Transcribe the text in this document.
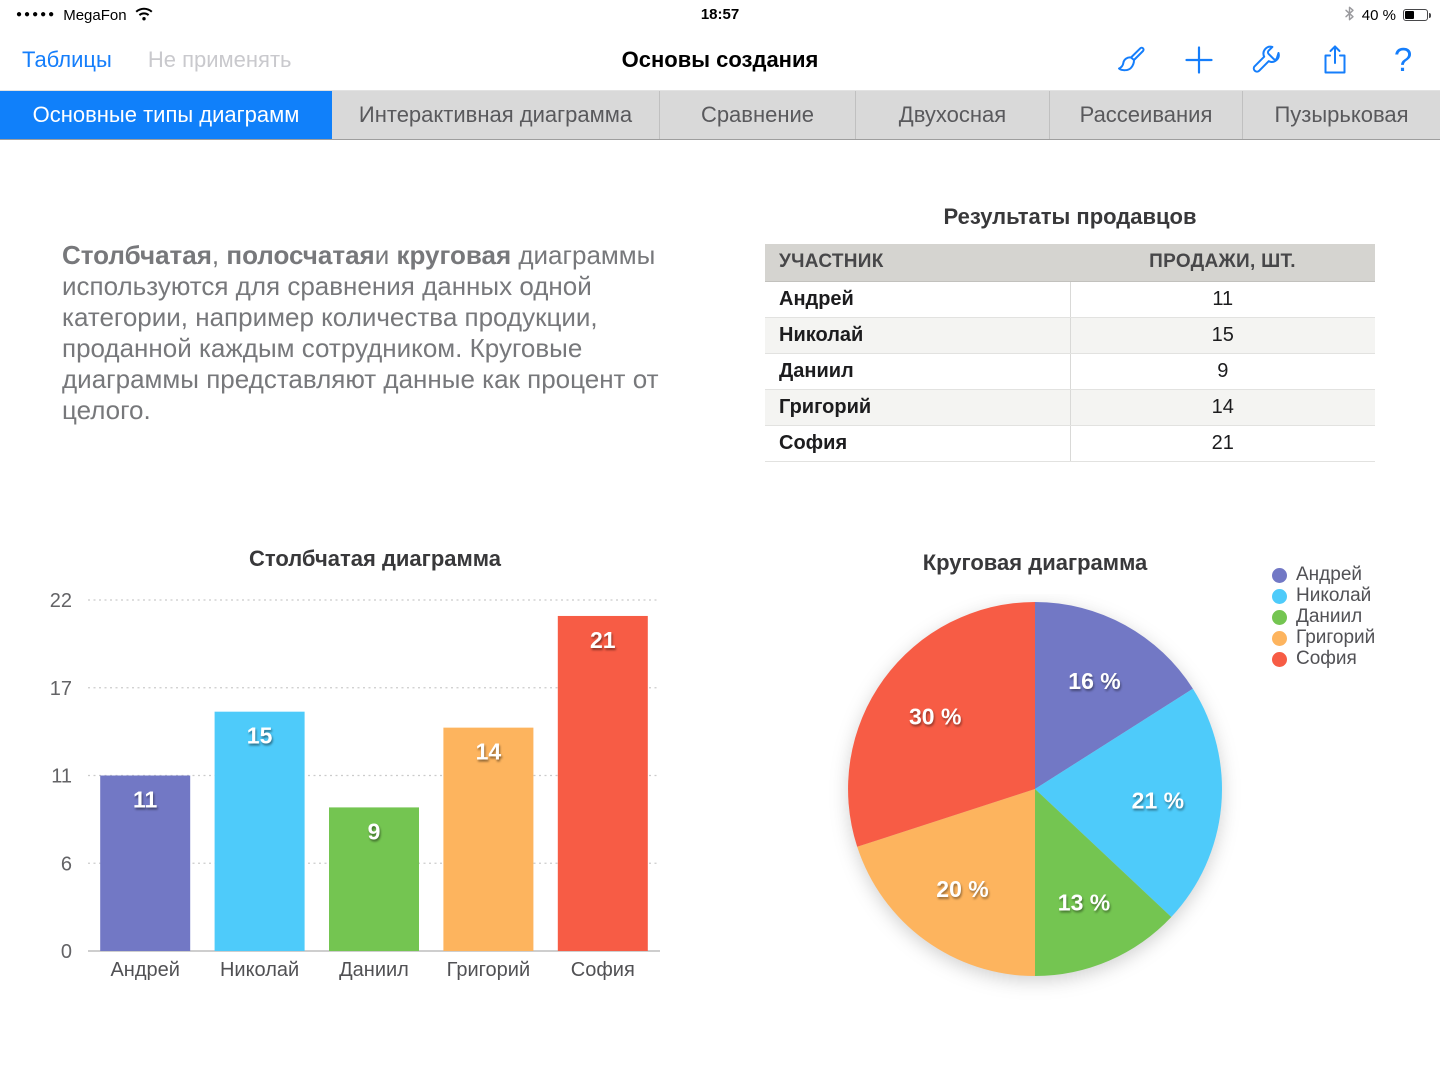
●●●●● MegaFon	18:57	40 %
Таблицы Не применять	Основы создания	?
Основные типы диаграмм	Интерактивная диаграмма	Сравнение	Двухосная	Рассеивания	Пузырьковая

Столбчатая, полосчатаяи круговая диаграммы используются для сравнения данных одной категории, например количества продукции, проданной каждым сотрудником. Круговые диаграммы представляют данные как процент от целого.

Результаты продавцов
УЧАСТНИК	ПРОДАЖИ, ШТ.
Андрей	11
Николай	15
Даниил	9
Григорий	14
София	21
Столбчатая диаграмма
22
17
11
6
0
11
Андрей
15
Николай
9
Даниил
14
Григорий
21
София
Круговая диаграмма
16 %
21 %
13 %
20 %
30 %
Андрей
Николай
Даниил
Григорий
София
